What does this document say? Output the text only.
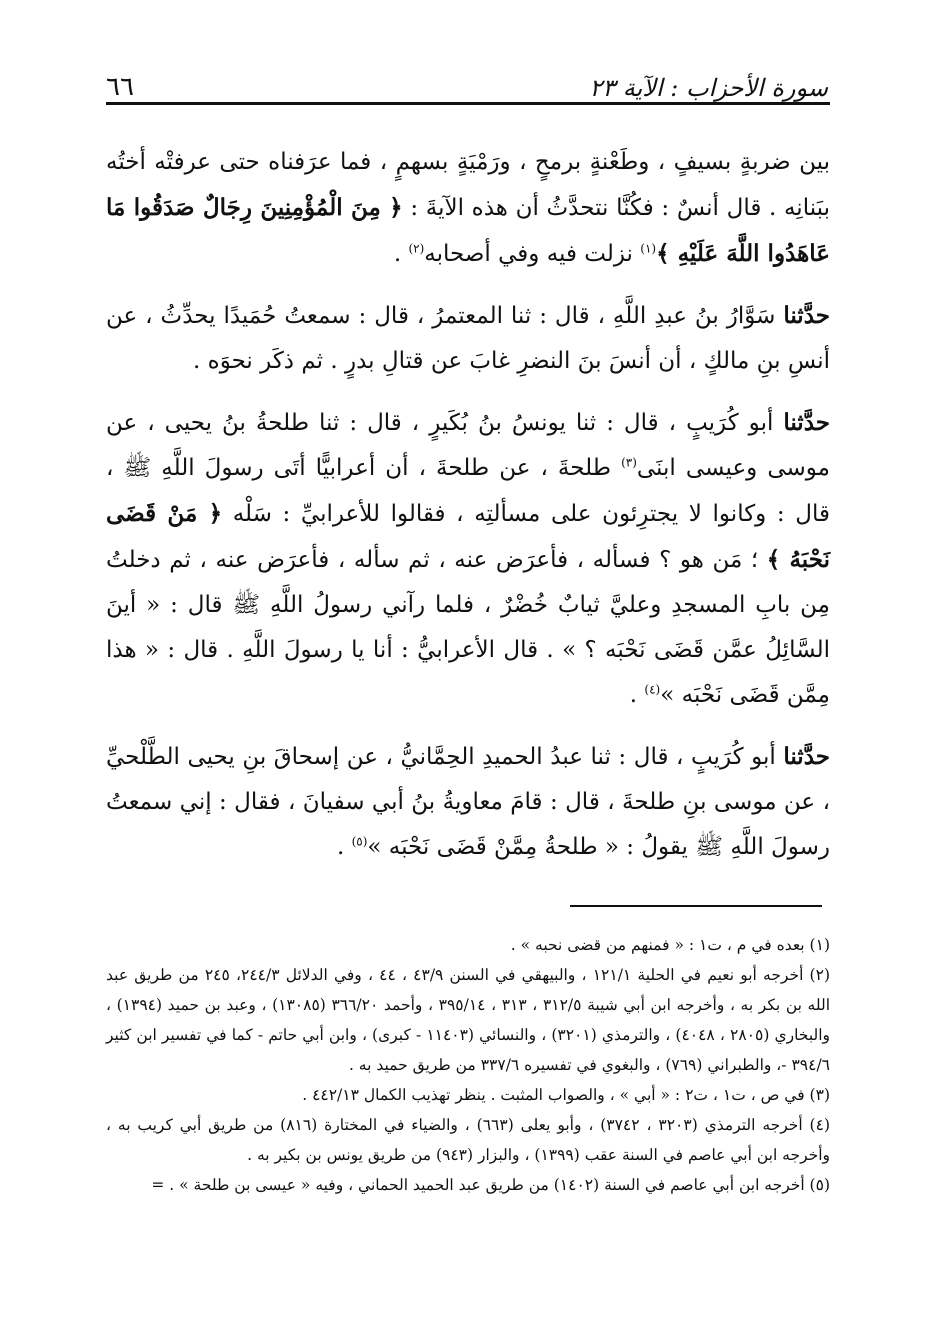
سورة الأحزاب : الآية ٢٣
٦٦

بين ضربةٍ بسيفٍ ، وطَعْنةٍ برمحٍ ، ورَمْيَةٍ بسهمٍ ، فما عرَفناه حتى عرفتْه أختُه ببَنانِه . قال أنسٌ : فكُنَّا نتحدَّثُ أن هذه الآيةَ : ﴿ مِنَ الْمُؤْمِنِينَ رِجَالٌ صَدَقُوا مَا عَاهَدُوا اللَّهَ عَلَيْهِ ﴾$^{(١)}$ نزلت فيه وفي أصحابه$^{(٢)}$ .

حدَّثنا سَوَّارُ بنُ عبدِ اللَّهِ ، قال : ثنا المعتمرُ ، قال : سمعتُ حُمَيدًا يحدِّثُ ، عن أنسِ بنِ مالكٍ ، أن أنسَ بنَ النضرِ غابَ عن قتالِ بدرٍ . ثم ذكَر نحوَه .

حدَّثنا أبو كُرَيبٍ ، قال : ثنا يونسُ بنُ بُكَيرٍ ، قال : ثنا طلحةُ بنُ يحيى ، عن موسى وعيسى ابنَى$^{(٣)}$ طلحةَ ، عن طلحةَ ، أن أعرابيًّا أتَى رسولَ اللَّهِ ﷺ ، قال : وكانوا لا يجترِئون على مسألتِه ، فقالوا للأعرابيِّ : سَلْه ﴿ مَنْ قَضَى نَحْبَهُ ﴾ ؛ مَن هو ؟ فسأله ، فأعرَض عنه ، ثم سأله ، فأعرَض عنه ، ثم دخلتُ مِن بابِ المسجدِ وعليَّ ثيابٌ خُضْرٌ ، فلما رآني رسولُ اللَّهِ ﷺ قال : « أينَ السَّائِلُ عمَّن قَضَى نَحْبَه ؟ » . قال الأعرابيُّ : أنا يا رسولَ اللَّهِ . قال : « هذا مِمَّن قَضَى نَحْبَه »$^{(٤)}$ .

حدَّثنا أبو كُرَيبٍ ، قال : ثنا عبدُ الحميدِ الحِمَّانيُّ ، عن إسحاقَ بنِ يحيى الطَّلْحيِّ ، عن موسى بنِ طلحةَ ، قال : قامَ معاويةُ بنُ أبي سفيانَ ، فقال : إني سمعتُ رسولَ اللَّهِ ﷺ يقولُ : « طلحةُ مِمَّنْ قَضَى نَحْبَه »$^{(٥)}$ .

(١) بعده في م ، ت١ : « فمنهم من قضى نحبه » .

(٢) أخرجه أبو نعيم في الحلية ١٢١/١ ، والبيهقي في السنن ٤٣/٩ ، ٤٤ ، وفي الدلائل ٢٤٤/٣، ٢٤٥ من طريق عبد الله بن بكر به ، وأخرجه ابن أبي شيبة ٣١٢/٥ ، ٣١٣ ، ٣٩٥/١٤ ، وأحمد ٣٦٦/٢٠ (١٣٠٨٥) ، وعبد بن حميد (١٣٩٤) ، والبخاري (٢٨٠٥ ، ٤٠٤٨) ، والترمذي (٣٢٠١) ، والنسائي (١١٤٠٣ - كبرى) ، وابن أبي حاتم - كما في تفسير ابن كثير ٣٩٤/٦ -، والطبراني (٧٦٩) ، والبغوي في تفسيره ٣٣٧/٦ من طريق حميد به .

(٣) في ص ، ت١ ، ت٢ : « أبي » ، والصواب المثبت . ينظر تهذيب الكمال ٤٤٢/١٣ .

(٤) أخرجه الترمذي (٣٢٠٣ ، ٣٧٤٢) ، وأبو يعلى (٦٦٣) ، والضياء في المختارة (٨١٦) من طريق أبي كريب به ، وأخرجه ابن أبي عاصم في السنة عقب (١٣٩٩) ، والبزار (٩٤٣) من طريق يونس بن بكير به .

(٥) أخرجه ابن أبي عاصم في السنة (١٤٠٢) من طريق عبد الحميد الحماني ، وفيه « عيسى بن طلحة » . =
